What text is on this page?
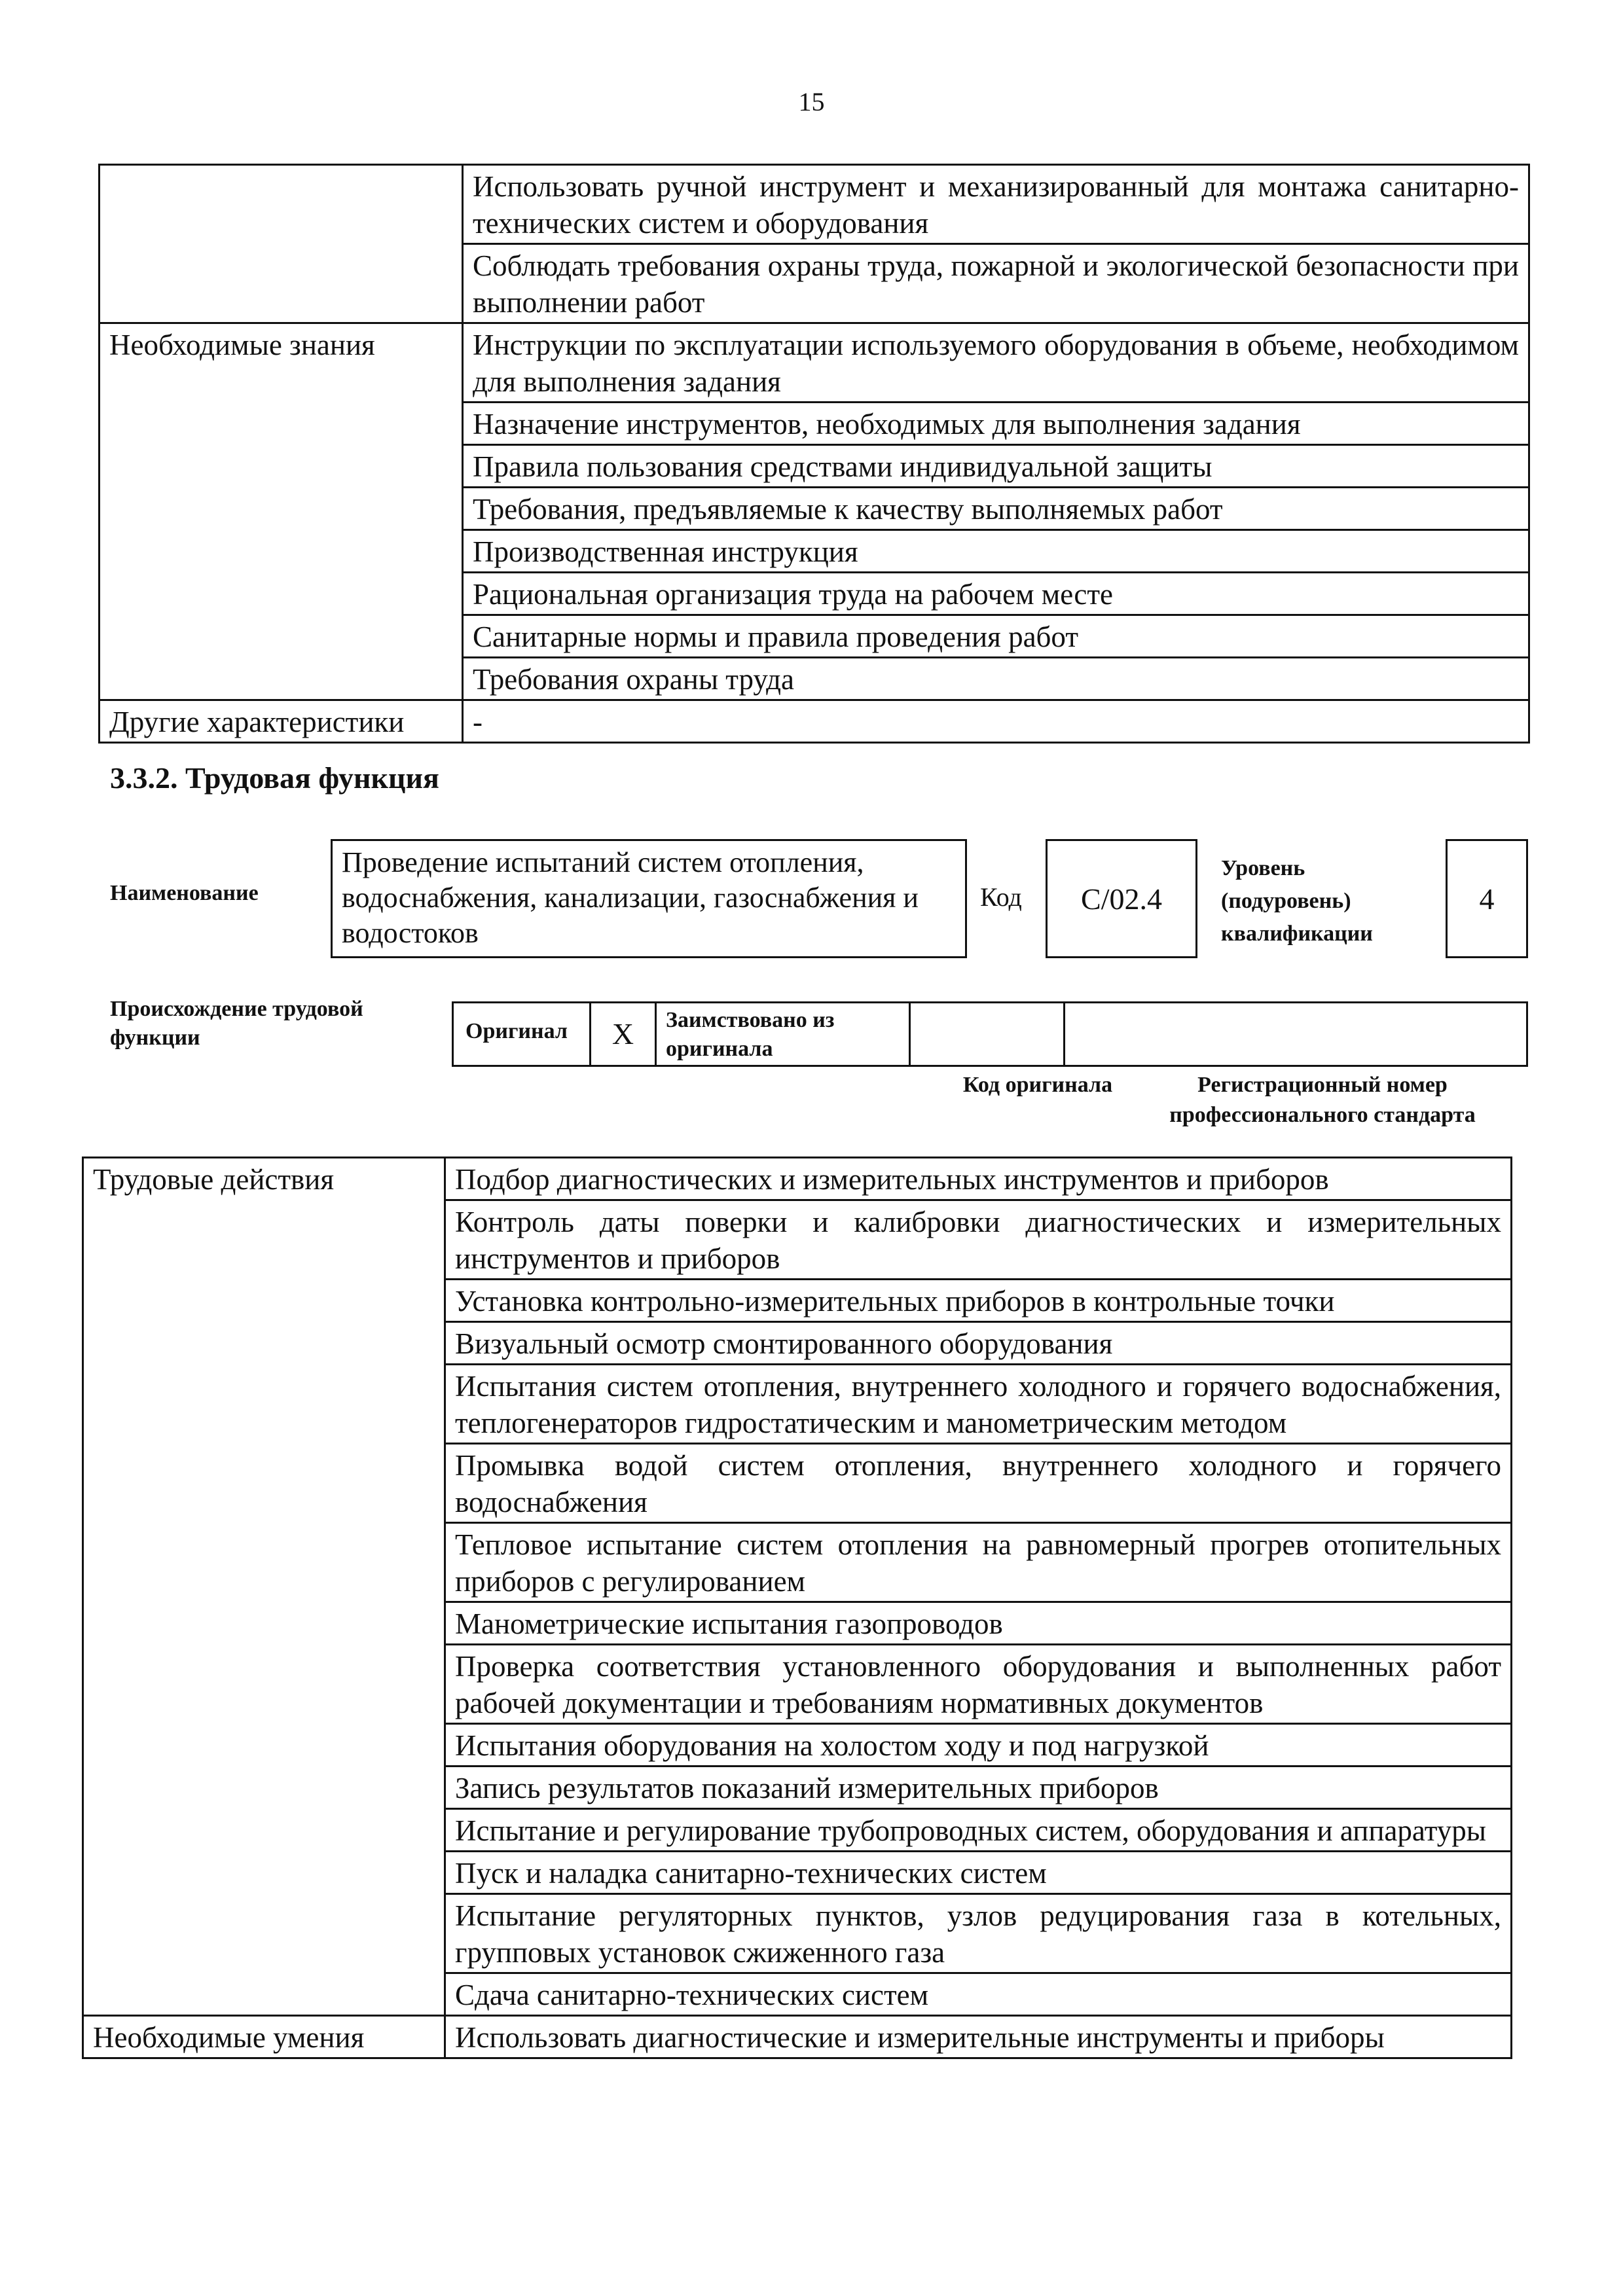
15
	Использовать ручной инструмент и механизированный для монтажа санитарно-технических систем и оборудования
	Соблюдать требования охраны труда, пожарной и экологической безопасности при выполнении работ
Необходимые знания	Инструкции по эксплуатации используемого оборудования в объеме, необходимом для выполнения задания
	Назначение инструментов, необходимых для выполнения задания
	Правила пользования средствами индивидуальной защиты
	Требования, предъявляемые к качеству выполняемых работ
	Производственная инструкция
	Рациональная организация труда на рабочем месте
	Санитарные нормы и правила проведения работ
	Требования охраны труда
Другие характеристики	-
3.3.2. Трудовая функция
Наименование
Проведение испытаний систем отопления, водоснабжения, канализации, газоснабжения и водостоков
Код	C/02.4
Уровень (подуровень) квалификации
4
Происхождение трудовой функции	Оригинал	X	Заимствовано из оригинала
Код оригинала	Регистрационный номер профессионального стандарта
Трудовые действия	Подбор диагностических и измерительных инструментов и приборов
	Контроль даты поверки и калибровки диагностических и измерительных инструментов и приборов
	Установка контрольно-измерительных приборов в контрольные точки
	Визуальный осмотр смонтированного оборудования
	Испытания систем отопления, внутреннего холодного и горячего водоснабжения, теплогенераторов гидростатическим и манометрическим методом
	Промывка водой систем отопления, внутреннего холодного и горячего водоснабжения
	Тепловое испытание систем отопления на равномерный прогрев отопительных приборов с регулированием
	Манометрические испытания газопроводов
	Проверка соответствия установленного оборудования и выполненных работ рабочей документации и требованиям нормативных документов
	Испытания оборудования на холостом ходу и под нагрузкой
	Запись результатов показаний измерительных приборов
	Испытание и регулирование трубопроводных систем, оборудования и аппаратуры
	Пуск и наладка санитарно-технических систем
	Испытание регуляторных пунктов, узлов редуцирования газа в котельных, групповых установок сжиженного газа
	Сдача санитарно-технических систем
Необходимые умения	Использовать диагностические и измерительные инструменты и приборы
